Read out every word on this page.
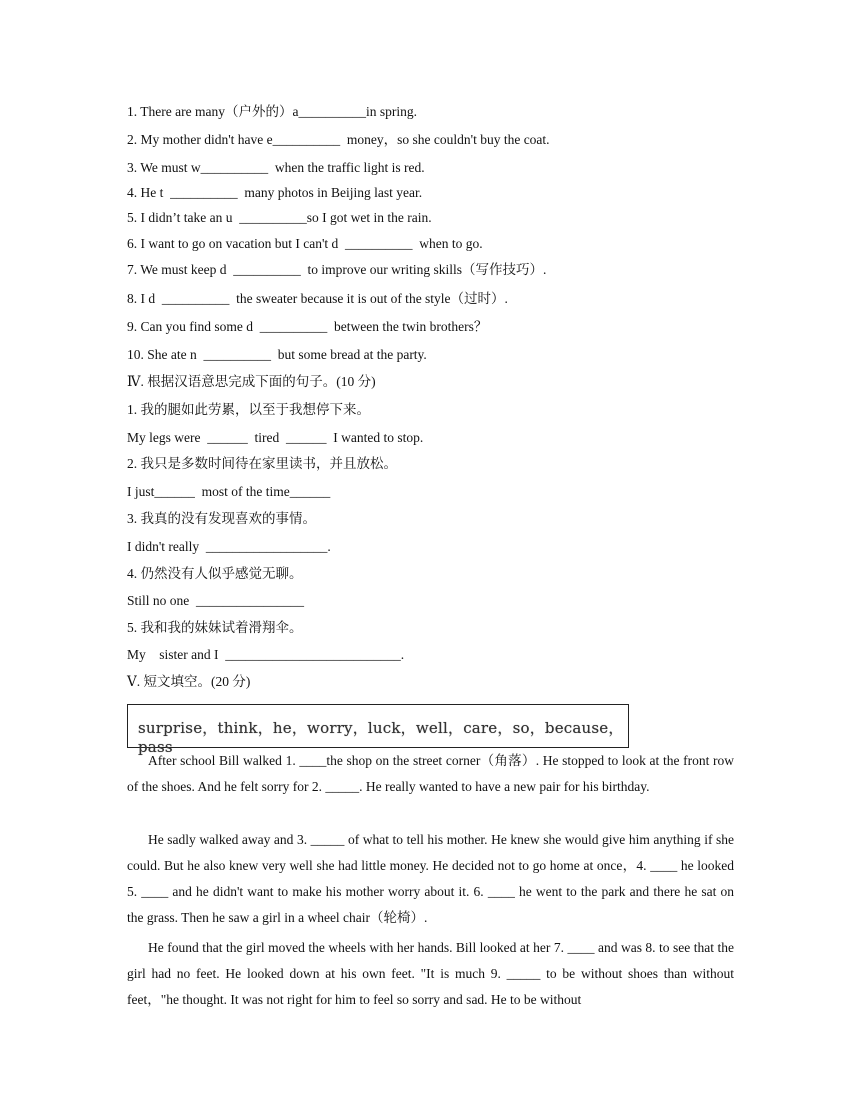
1. There are many（户外的）a__________in spring.
2. My mother didn't have e__________  money，so she couldn't buy the coat.
3. We must w__________  when the traffic light is red.
4. He t  __________  many photos in Beijing last year.
5. I didn’t take an u  __________so I got wet in the rain.
6. I want to go on vacation but I can't d  __________  when to go.
7. We must keep d  __________  to improve our writing skills（写作技巧）.
8. I d  __________  the sweater because it is out of the style（过时）.
9. Can you find some d  __________  between the twin brothers？
10. She ate n  __________  but some bread at the party.
Ⅳ. 根据汉语意思完成下面的句子。(10 分)
1. 我的腿如此劳累，以至于我想停下来。
My legs were  ______  tired  ______  I wanted to stop.
2. 我只是多数时间待在家里读书，并且放松。
I just______  most of the time______
3. 我真的没有发现喜欢的事情。
I didn't really  __________________.
4. 仍然没有人似乎感觉无聊。
Still no one  ________________
5. 我和我的妹妹试着滑翔伞。
My    sister and I  __________________________.
Ⅴ. 短文填空。(20 分)
surprise，think，he，worry，luck，well，care，so，because，pass
After school Bill walked 1. ____the shop on the street corner（角落）. He stopped to look at the front row of the shoes. And he felt sorry for 2. _____. He really wanted to have a new pair for his birthday.
He sadly walked away and 3. _____ of what to tell his mother. He knew she would give him anything if she could. But he also knew very well she had little money. He decided not to go home at once，4. ____ he looked 5. ____ and he didn't want to make his mother worry about it. 6. ____ he went to the park and there he sat on the grass. Then he saw a girl in a wheel chair（轮椅）.
He found that the girl moved the wheels with her hands. Bill looked at her 7. ____ and was 8. to see that the girl had no feet. He looked down at his own feet. "It is much 9. _____ to be without shoes than without feet，"he thought. It was not right for him to feel so sorry and sad. He to be without
